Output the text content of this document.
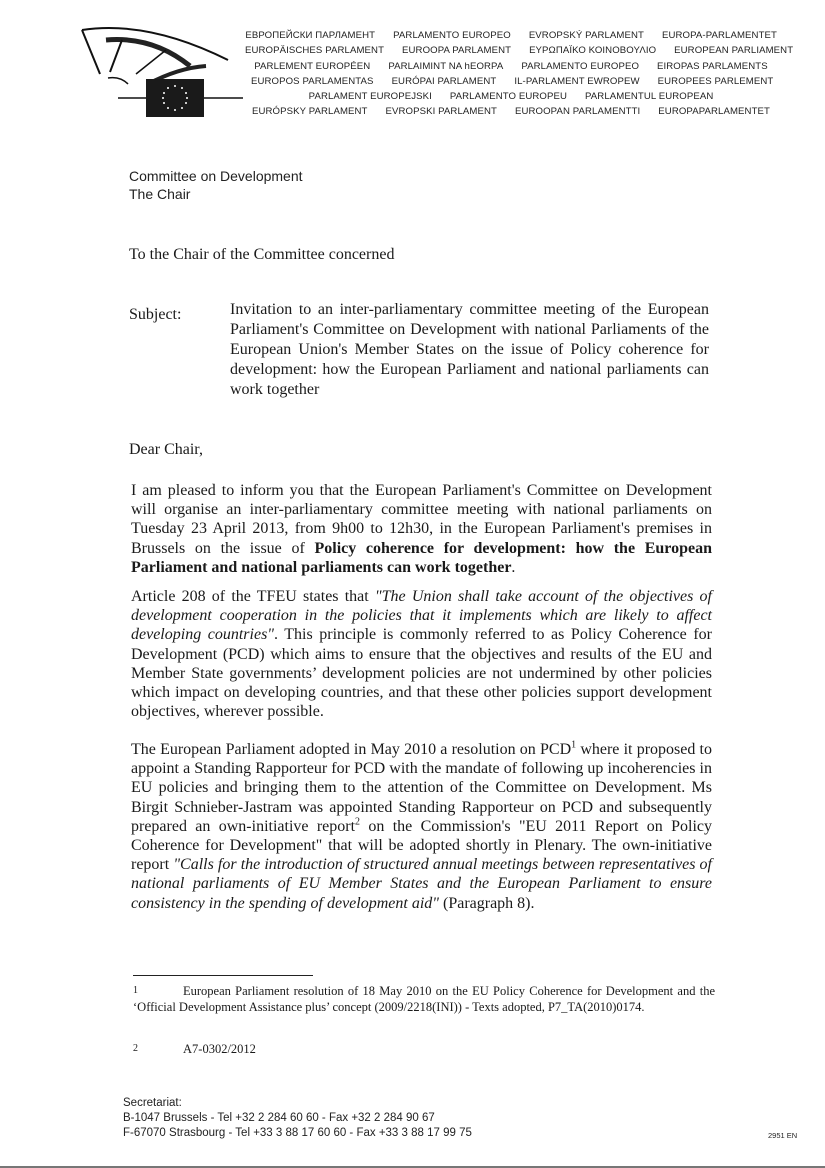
ЕВРОПЕЙСКИ ПАРЛАМЕНТ PARLAMENTO EUROPEO EVROPSKÝ PARLAMENT EUROPA-PARLAMENTET
EUROPÄISCHES PARLAMENT EUROOPA PARLAMENT ΕΥΡΩΠΑΪΚΟ ΚΟΙΝΟΒΟΥΛΙΟ EUROPEAN PARLIAMENT
PARLEMENT EUROPÉEN PARLAIMINT NA hEORPA PARLAMENTO EUROPEO EIROPAS PARLAMENTS
EUROPOS PARLAMENTAS EURÓPAI PARLAMENT IL-PARLAMENT EWROPEW EUROPEES PARLEMENT
PARLAMENT EUROPEJSKI PARLAMENTO EUROPEU PARLAMENTUL EUROPEAN
EURÓPSKY PARLAMENT EVROPSKI PARLAMENT EUROOPAN PARLAMENTTI EUROPAPARLAMENTET
Committee on Development
The Chair
To the Chair of the Committee concerned
Subject:	Invitation to an inter-parliamentary committee meeting of the European Parliament's Committee on Development with national Parliaments of the European Union's Member States on the issue of Policy coherence for development: how the European Parliament and national parliaments can work together
Dear Chair,
I am pleased to inform you that the European Parliament's Committee on Development will organise an inter-parliamentary committee meeting with national parliaments on Tuesday 23 April 2013, from 9h00 to 12h30, in the European Parliament's premises in Brussels on the issue of Policy coherence for development: how the European Parliament and national parliaments can work together.
Article 208 of the TFEU states that "The Union shall take account of the objectives of development cooperation in the policies that it implements which are likely to affect developing countries". This principle is commonly referred to as Policy Coherence for Development (PCD) which aims to ensure that the objectives and results of the EU and Member State governments’ development policies are not undermined by other policies which impact on developing countries, and that these other policies support development objectives, wherever possible.
The European Parliament adopted in May 2010 a resolution on PCD$^1$ where it proposed to appoint a Standing Rapporteur for PCD with the mandate of following up incoherencies in EU policies and bringing them to the attention of the Committee on Development. Ms Birgit Schnieber-Jastram was appointed Standing Rapporteur on PCD and subsequently prepared an own-initiative report$^2$ on the Commission's "EU 2011 Report on Policy Coherence for Development" that will be adopted shortly in Plenary. The own-initiative report "Calls for the introduction of structured annual meetings between representatives of national parliaments of EU Member States and the European Parliament to ensure consistency in the spending of development aid" (Paragraph 8).
1	European Parliament resolution of 18 May 2010 on the EU Policy Coherence for Development and the ‘Official Development Assistance plus’ concept (2009/2218(INI)) - Texts adopted, P7_TA(2010)0174.
2	A7-0302/2012
Secretariat:
B-1047 Brussels - Tel +32 2 284 60 60 - Fax +32 2 284 90 67
F-67070 Strasbourg - Tel +33 3 88 17 60 60 - Fax +33 3 88 17 99 75	2951 EN
